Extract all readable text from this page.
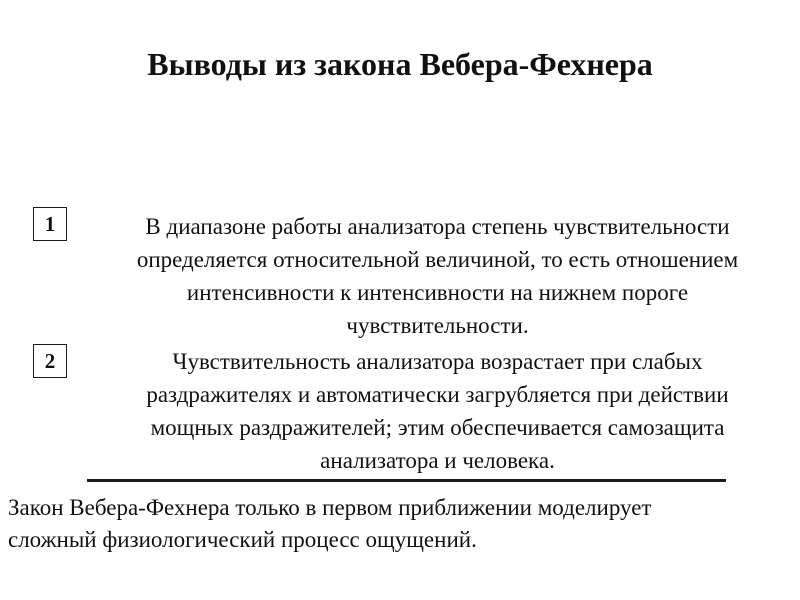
Выводы из закона Вебера-Фехнера
1	В диапазоне работы анализатора степень чувствительности
определяется относительной величиной, то есть отношением
интенсивности к интенсивности на нижнем пороге
чувствительности.
2	Чувствительность анализатора возрастает при слабых
раздражителях и автоматически загрубляется при действии
мощных раздражителей; этим обеспечивается самозащита
анализатора и человека.
Закон Вебера-Фехнера только в первом приближении моделирует
сложный физиологический процесс ощущений.
